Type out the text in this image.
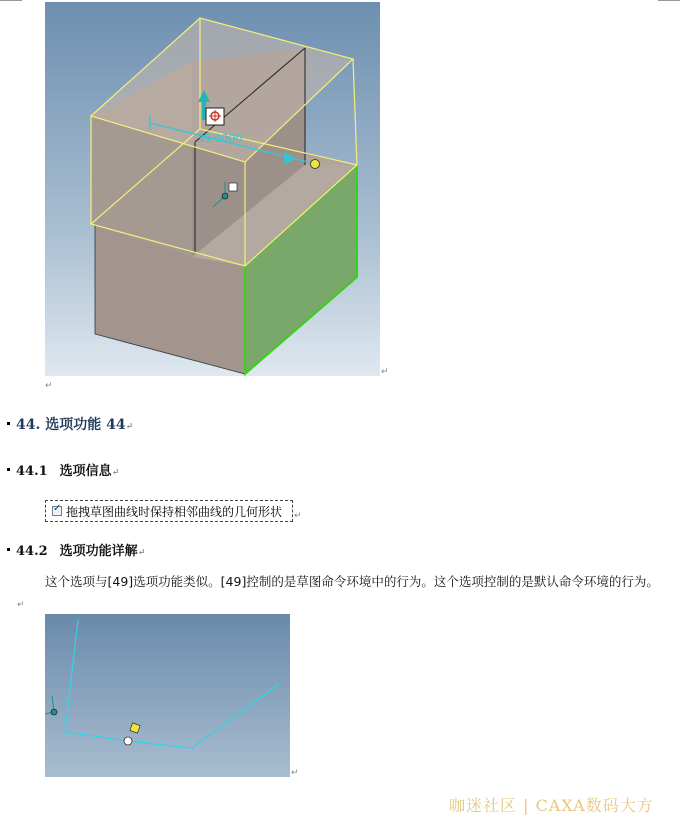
39.0000
↵
↵
44. 选项功能 44↵
44.1 选项信息↵
✓
拖拽草图曲线时保持相邻曲线的几何形状 ↵
44.2 选项功能详解↵
这个选项与[49]选项功能类似。[49]控制的是草图命令环境中的行为。这个选项控制的是默认命令环境的行为。 ↵
↵
咖迷社区 | CAXA数码大方
